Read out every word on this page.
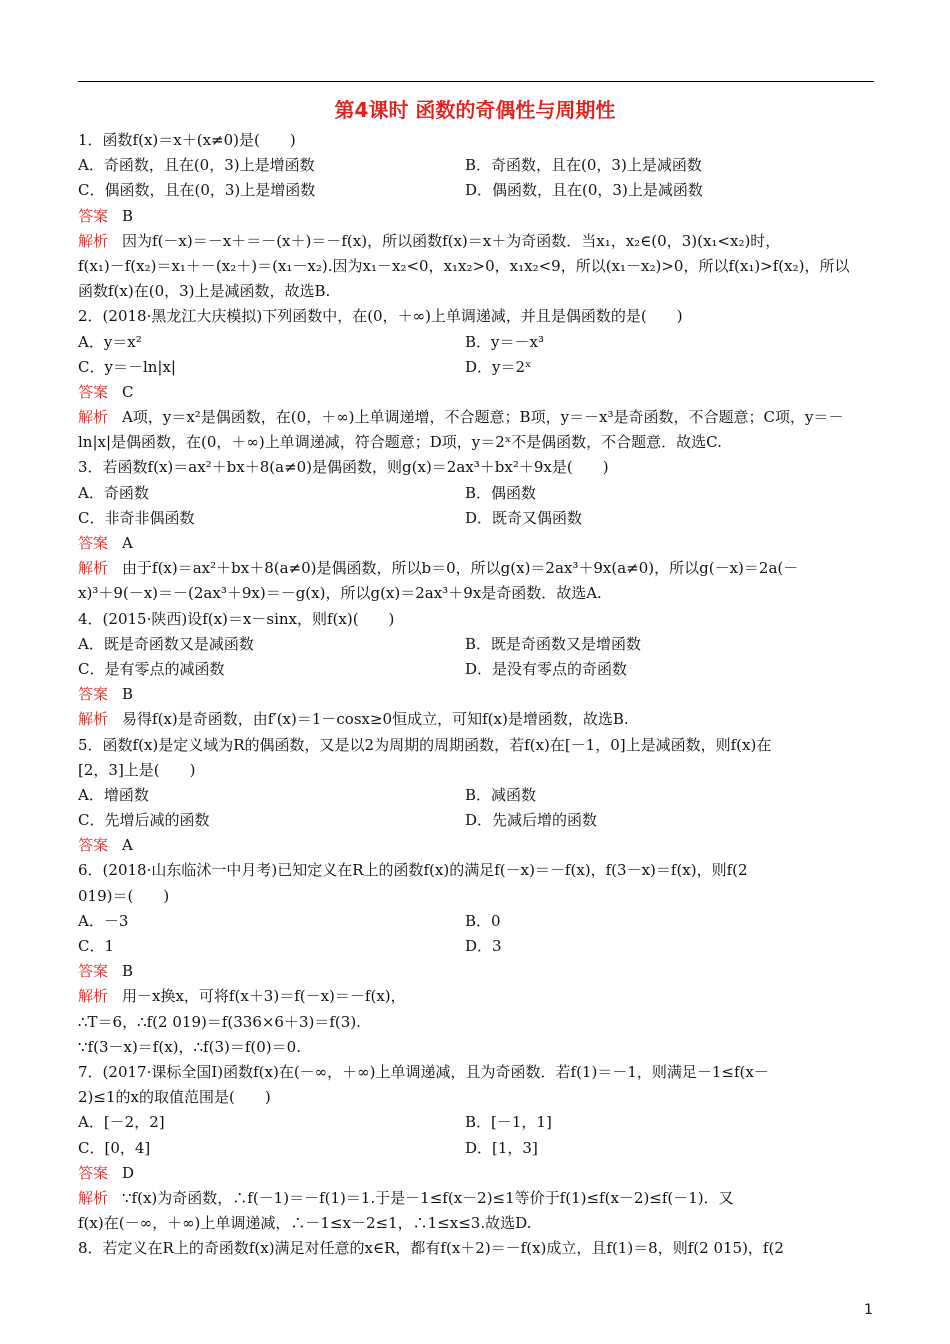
第4课时 函数的奇偶性与周期性
1．函数f(x)＝x＋(x≠0)是(　　)
A．奇函数，且在(0，3)上是增函数	B．奇函数，且在(0，3)上是减函数
C．偶函数，且在(0，3)上是增函数	D．偶函数，且在(0，3)上是减函数
答案 B
解析 因为f(－x)＝－x＋＝－(x＋)＝－f(x)，所以函数f(x)＝x＋为奇函数．当x₁，x₂∈(0，3)(x₁<x₂)时，
f(x₁)－f(x₂)＝x₁＋－(x₂＋)＝(x₁－x₂).因为x₁－x₂<0，x₁x₂>0，x₁x₂<9，所以(x₁－x₂)>0，所以f(x₁)>f(x₂)，所以
函数f(x)在(0，3)上是减函数，故选B.
2．(2018·黑龙江大庆模拟)下列函数中，在(0，＋∞)上单调递减，并且是偶函数的是(　　)
A．y＝x²	B．y＝－x³
C．y＝－ln|x|	D．y＝2ˣ
答案 C
解析 A项，y＝x²是偶函数，在(0，＋∞)上单调递增，不合题意；B项，y＝－x³是奇函数，不合题意；C项，y＝－
ln|x|是偶函数，在(0，＋∞)上单调递减，符合题意；D项，y＝2ˣ不是偶函数，不合题意．故选C.
3．若函数f(x)＝ax²＋bx＋8(a≠0)是偶函数，则g(x)＝2ax³＋bx²＋9x是(　　)
A．奇函数	B．偶函数
C．非奇非偶函数	D．既奇又偶函数
答案 A
解析 由于f(x)＝ax²＋bx＋8(a≠0)是偶函数，所以b＝0，所以g(x)＝2ax³＋9x(a≠0)，所以g(－x)＝2a(－
x)³＋9(－x)＝－(2ax³＋9x)＝－g(x)，所以g(x)＝2ax³＋9x是奇函数．故选A.
4．(2015·陕西)设f(x)＝x－sinx，则f(x)(　　)
A．既是奇函数又是减函数	B．既是奇函数又是增函数
C．是有零点的减函数	D．是没有零点的奇函数
答案 B
解析 易得f(x)是奇函数，由f′(x)＝1－cosx≥0恒成立，可知f(x)是增函数，故选B.
5．函数f(x)是定义域为R的偶函数，又是以2为周期的周期函数，若f(x)在[－1，0]上是减函数，则f(x)在
[2，3]上是(　　)
A．增函数	B．减函数
C．先增后减的函数	D．先减后增的函数
答案 A
6．(2018·山东临沭一中月考)已知定义在R上的函数f(x)的满足f(－x)＝－f(x)，f(3－x)＝f(x)，则f(2
019)＝(　　)
A．－3	B．0
C．1	D．3
答案 B
解析 用－x换x，可将f(x＋3)＝f(－x)＝－f(x)，
∴T＝6，∴f(2 019)＝f(336×6＋3)＝f(3).
∵f(3－x)＝f(x)，∴f(3)＝f(0)＝0.
7．(2017·课标全国Ⅰ)函数f(x)在(－∞，＋∞)上单调递减，且为奇函数．若f(1)＝－1，则满足－1≤f(x－
2)≤1的x的取值范围是(　　)
A．[－2，2]	B．[－1，1]
C．[0，4]	D．[1，3]
答案 D
解析 ∵f(x)为奇函数，∴f(－1)＝－f(1)＝1.于是－1≤f(x－2)≤1等价于f(1)≤f(x－2)≤f(－1)．又
f(x)在(－∞，＋∞)上单调递减，∴－1≤x－2≤1，∴1≤x≤3.故选D.
8．若定义在R上的奇函数f(x)满足对任意的x∈R，都有f(x＋2)＝－f(x)成立，且f(1)＝8，则f(2 015)，f(2
1
